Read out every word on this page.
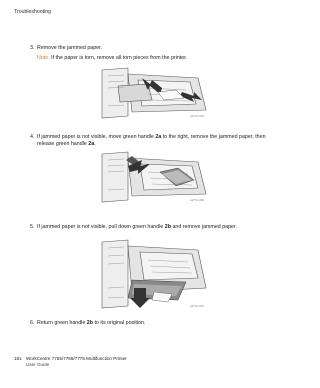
Troubleshooting
3. Remove the jammed paper.
Note: If the paper is torn, remove all torn pieces from the printer.
wc77xx-070
4. If jammed paper is not visible, move green handle 2a to the right, remove the jammed paper, then release green handle 2a.
wc77xx-096
5. If jammed paper is not visible, pull down green handle 2b and remove jammed paper.
wc77xx-097
6. Return green handle 2b to its original position.
181 WorkCentre 7755/7765/7775 Multifunction Printer
User Guide
